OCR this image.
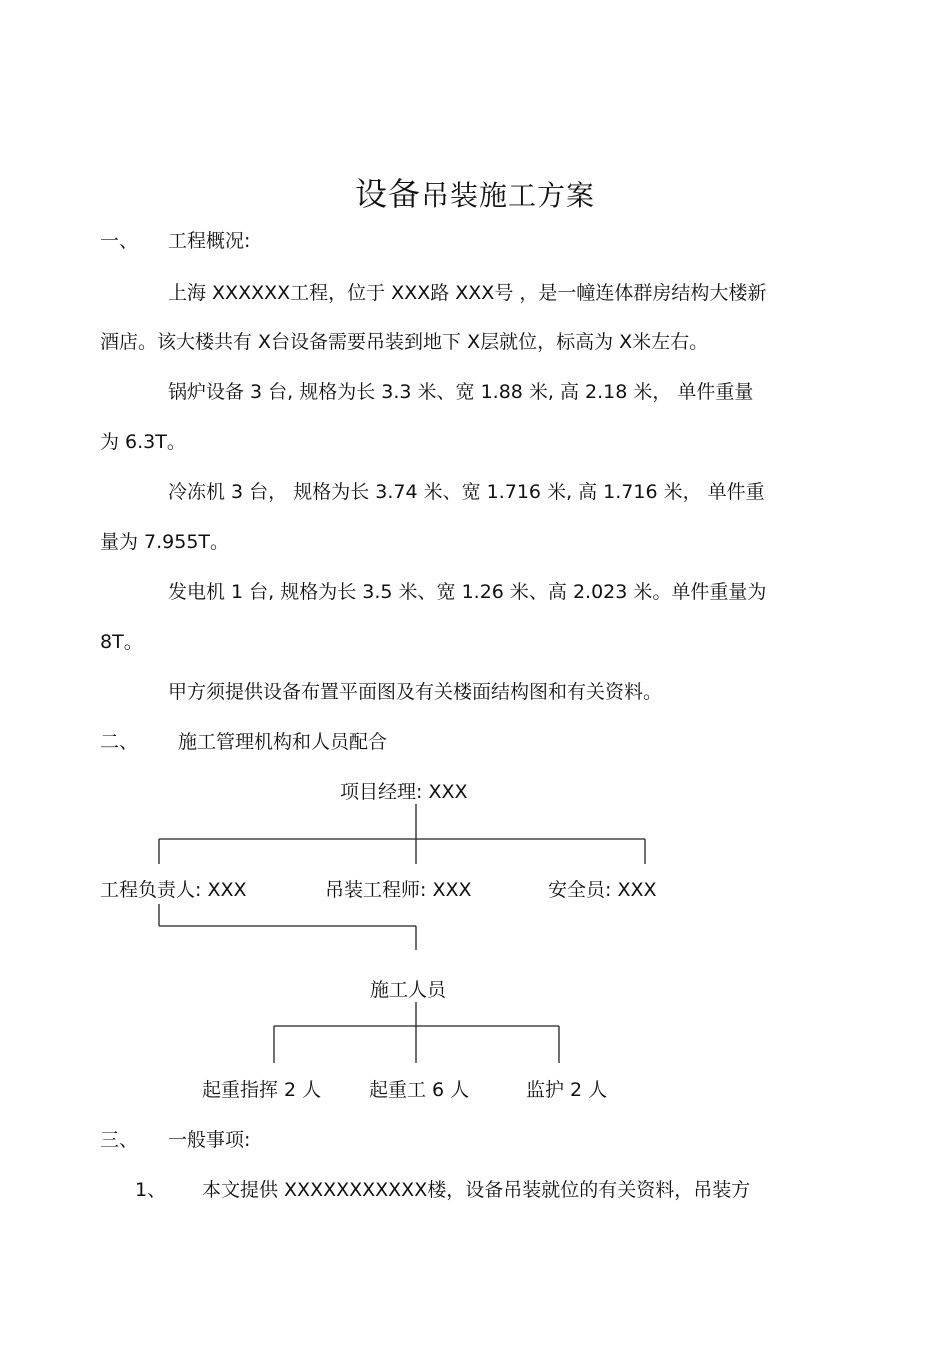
设备吊装施工方案
一、 工程概况:
上海 XXXXXX工程，位于 XXX路 XXX号 ，是一幢连体群房结构大楼新
酒店。该大楼共有 X台设备需要吊装到地下 X层就位，标高为 X米左右。
锅炉设备 3 台, 规格为长 3.3 米、宽 1.88 米, 高 2.18 米， 单件重量
为 6.3T。
冷冻机 3 台， 规格为长 3.74 米、宽 1.716 米, 高 1.716 米， 单件重
量为 7.955T。
发电机 1 台, 规格为长 3.5 米、宽 1.26 米、高 2.023 米。单件重量为
8T。
甲方须提供设备布置平面图及有关楼面结构图和有关资料。
二、 施工管理机构和人员配合
项目经理: XXX
工程负责人: XXX	吊装工程师: XXX	安全员: XXX
施工人员
起重指挥 2 人	起重工 6 人	监护 2 人
三、 一般事项:
1、 本文提供 XXXXXXXXXXX楼，设备吊装就位的有关资料，吊装方
